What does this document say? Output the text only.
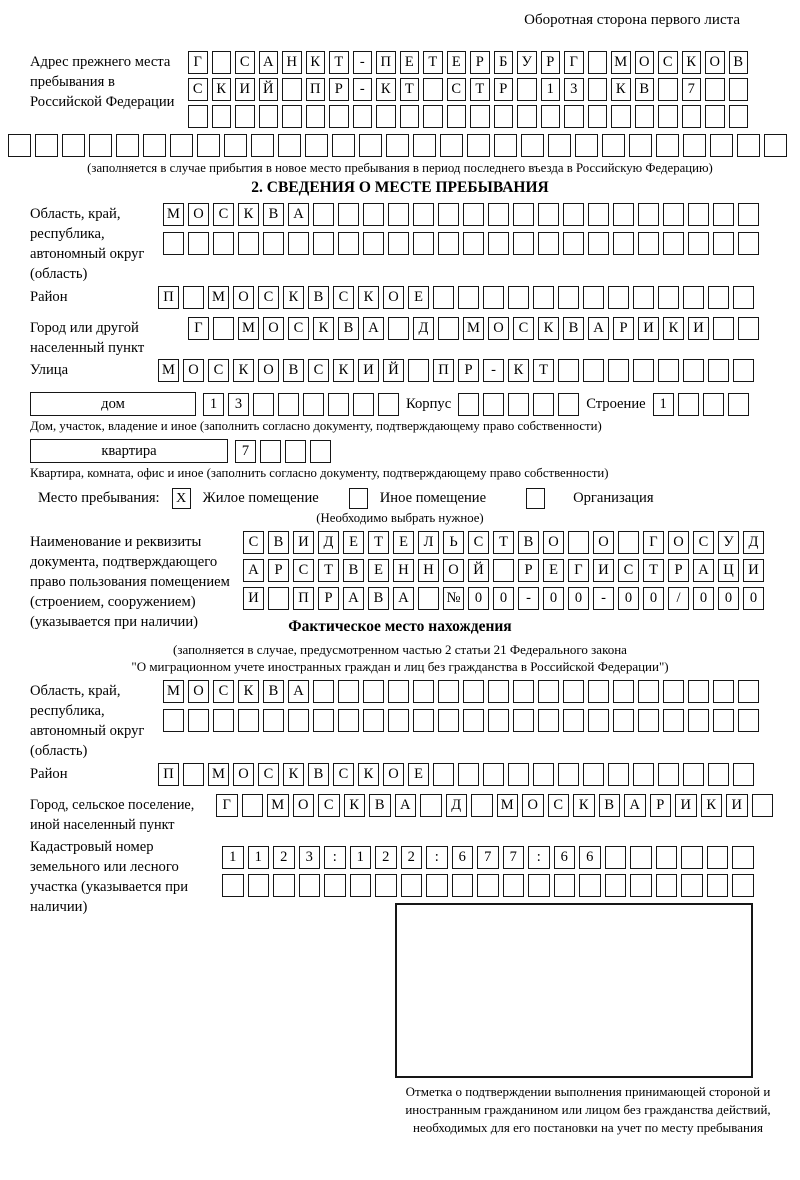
Оборотная сторона первого листа
Адрес прежнего места пребывания в Российской Федерации
Г	С А Н К Т	-	П Е	Т	Е	Р	Б У Р	Г	М О С К О В
С К И Й	П Р	-	К Т	С Т	Р	1	3	К В	7
(заполняется в случае прибытия в новое место пребывания в период последнего въезда в Российскую Федерацию)
2. СВЕДЕНИЯ О МЕСТЕ ПРЕБЫВАНИЯ
Область, край, республика, автономный округ (область)
М О	С	К	В	А
Район	П	М О	С	К	В	С	К	О	Е
Город или другой населенный пункт
Г	М О	С	К	В	А	Д	М О	С	К	В	А	Р	И	К	И
Улица	М О	С	К	О	В	С	К	И	Й	П	Р	-	К	Т
дом	1	3	Корпус	Строение 1
Дом, участок, владение и иное (заполнить согласно документу, подтверждающему право собственности)
квартира	7
Квартира, комната, офис и иное (заполнить согласно документу, подтверждающему право собственности)
Место пребывания:	X	Жилое помещение	Иное помещение	Организация
(Необходимо выбрать нужное)
Наименование и реквизиты документа, подтверждающего право пользования помещением (строением, сооружением) (указывается при наличии)
С	В	И	Д	Е	Т	Е	Л	Ь	С	Т	В	О	О	Г	О	С	У	Д
А	Р	С	Т	В	Е	Н	Н	О	Й	Р	Е	Г	И	С	Т	Р	А	Ц	И
И	П	Р	А	В	А	№ 0	0	-	0	0	-	0	0	/	0	0	0
Фактическое место нахождения
(заполняется в случае, предусмотренном частью 2 статьи 21 Федерального закона
"О миграционном учете иностранных граждан и лиц без гражданства в Российской Федерации")
Область, край, республика, автономный округ (область)
М О	С	К	В	А
Район	П	М О	С	К	В	С	К	О	Е
Город, сельское поселение, иной населенный пункт
Г	М О	С	К	В	А	Д	М О	С	К	В	А	Р	И	К	И
Кадастровый номер земельного или лесного участка (указывается при наличии)
1	1	2	3	:	1	2	2	:	6	7	7	:	6	6
Отметка о подтверждении выполнения принимающей стороной и иностранным гражданином или лицом без гражданства действий, необходимых для его постановки на учет по месту пребывания
